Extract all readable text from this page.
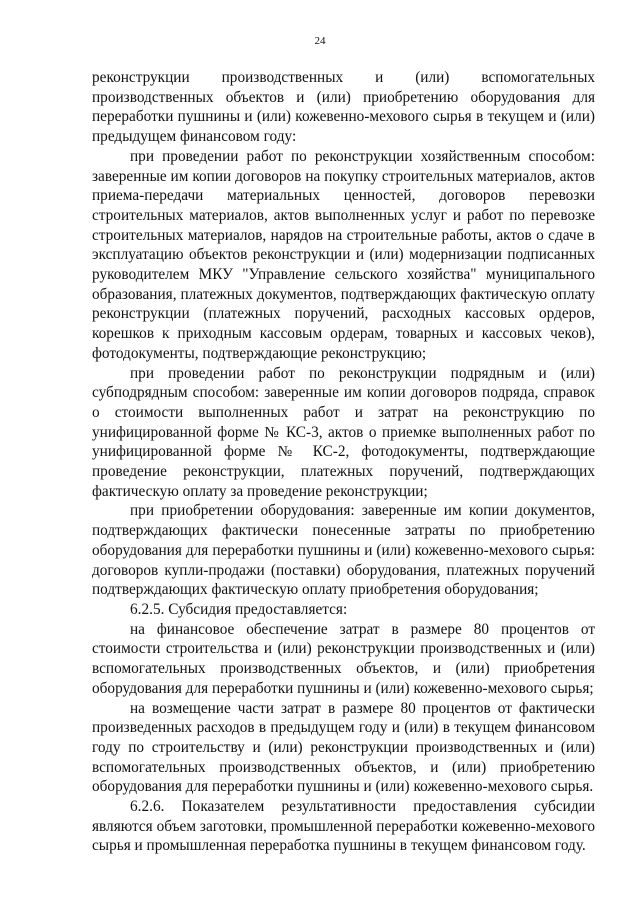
24

реконструкции производственных и (или) вспомогательных производственных объектов и (или) приобретению оборудования для переработки пушнины и (или) кожевенно-мехового сырья в текущем и (или) предыдущем финансовом году:

при проведении работ по реконструкции хозяйственным способом: заверенные им копии договоров на покупку строительных материалов, актов приема-передачи материальных ценностей, договоров перевозки строительных материалов, актов выполненных услуг и работ по перевозке строительных материалов, нарядов на строительные работы, актов о сдаче в эксплуатацию объектов реконструкции и (или) модернизации подписанных руководителем МКУ "Управление сельского хозяйства" муниципального образования, платежных документов, подтверждающих фактическую оплату реконструкции (платежных поручений, расходных кассовых ордеров, корешков к приходным кассовым ордерам, товарных и кассовых чеков), фотодокументы, подтверждающие реконструкцию;

при проведении работ по реконструкции подрядным и (или) субподрядным способом: заверенные им копии договоров подряда, справок о стоимости выполненных работ и затрат на реконструкцию по унифицированной форме № КС-3, актов о приемке выполненных работ по унифицированной форме № КС-2, фотодокументы, подтверждающие проведение реконструкции, платежных поручений, подтверждающих фактическую оплату за проведение реконструкции;

при приобретении оборудования: заверенные им копии документов, подтверждающих фактически понесенные затраты по приобретению оборудования для переработки пушнины и (или) кожевенно-мехового сырья: договоров купли-продажи (поставки) оборудования, платежных поручений подтверждающих фактическую оплату приобретения оборудования;

6.2.5. Субсидия предоставляется:

на финансовое обеспечение затрат в размере 80 процентов от стоимости строительства и (или) реконструкции производственных и (или) вспомогательных производственных объектов, и (или) приобретения оборудования для переработки пушнины и (или) кожевенно-мехового сырья;

на возмещение части затрат в размере 80 процентов от фактически произведенных расходов в предыдущем году и (или) в текущем финансовом году по строительству и (или) реконструкции производственных и (или) вспомогательных производственных объектов, и (или) приобретению оборудования для переработки пушнины и (или) кожевенно-мехового сырья.

6.2.6. Показателем результативности предоставления субсидии являются объем заготовки, промышленной переработки кожевенно-мехового сырья и промышленная переработка пушнины в текущем финансовом году.
